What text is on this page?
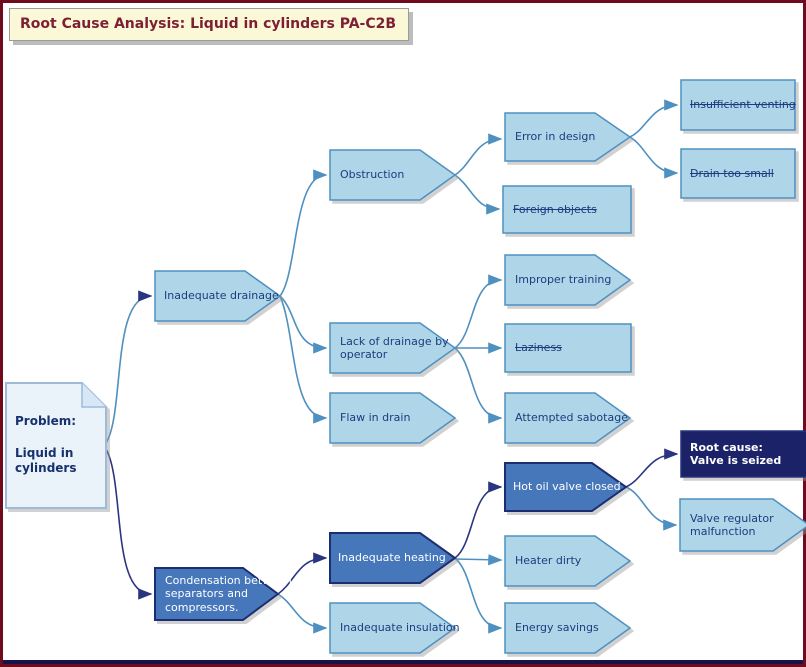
Root Cause Analysis: Liquid in cylinders PA-C2B
Problem:

Liquid in
cylinders
Inadequate drainage
Obstruction
Error in design
Insufficient venting
Drain too small
Foreign objects
Improper training
Lack of drainage by
operator
Laziness
Attempted sabotage
Flaw in drain
Condensation between
separators and
compressors.
Inadequate heating
Hot oil valve closed
Root cause:
Valve is seized
Valve regulator
malfunction
Heater dirty
Energy savings
Inadequate insulation
